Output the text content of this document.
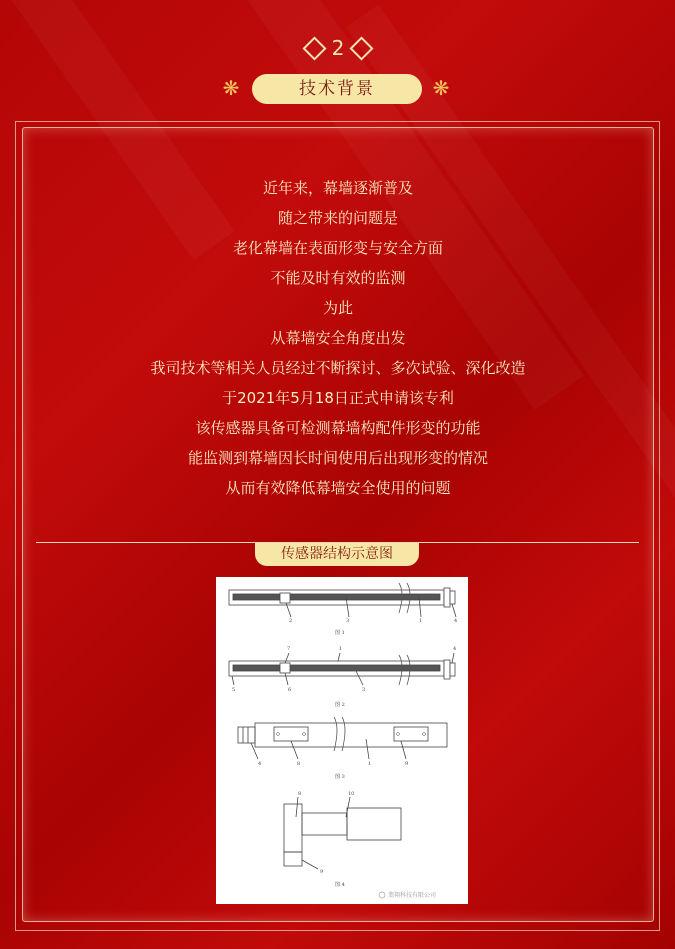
2
❋	技术背景	❋
近年来，幕墙逐渐普及
随之带来的问题是
老化幕墙在表面形变与安全方面
不能及时有效的监测
为此
从幕墙安全角度出发
我司技术等相关人员经过不断探讨、多次试验、深化改造
于2021年5月18日正式申请该专利
该传感器具备可检测幕墙构配件形变的功能
能监测到幕墙因长时间使用后出现形变的情况
从而有效降低幕墙安全使用的问题
传感器结构示意图
2	3	1	4
图 1
7	1	4
5	6	3
图 2
4	8	1	9
图 3
8	10
9
图 4
翡翔科技有限公司
